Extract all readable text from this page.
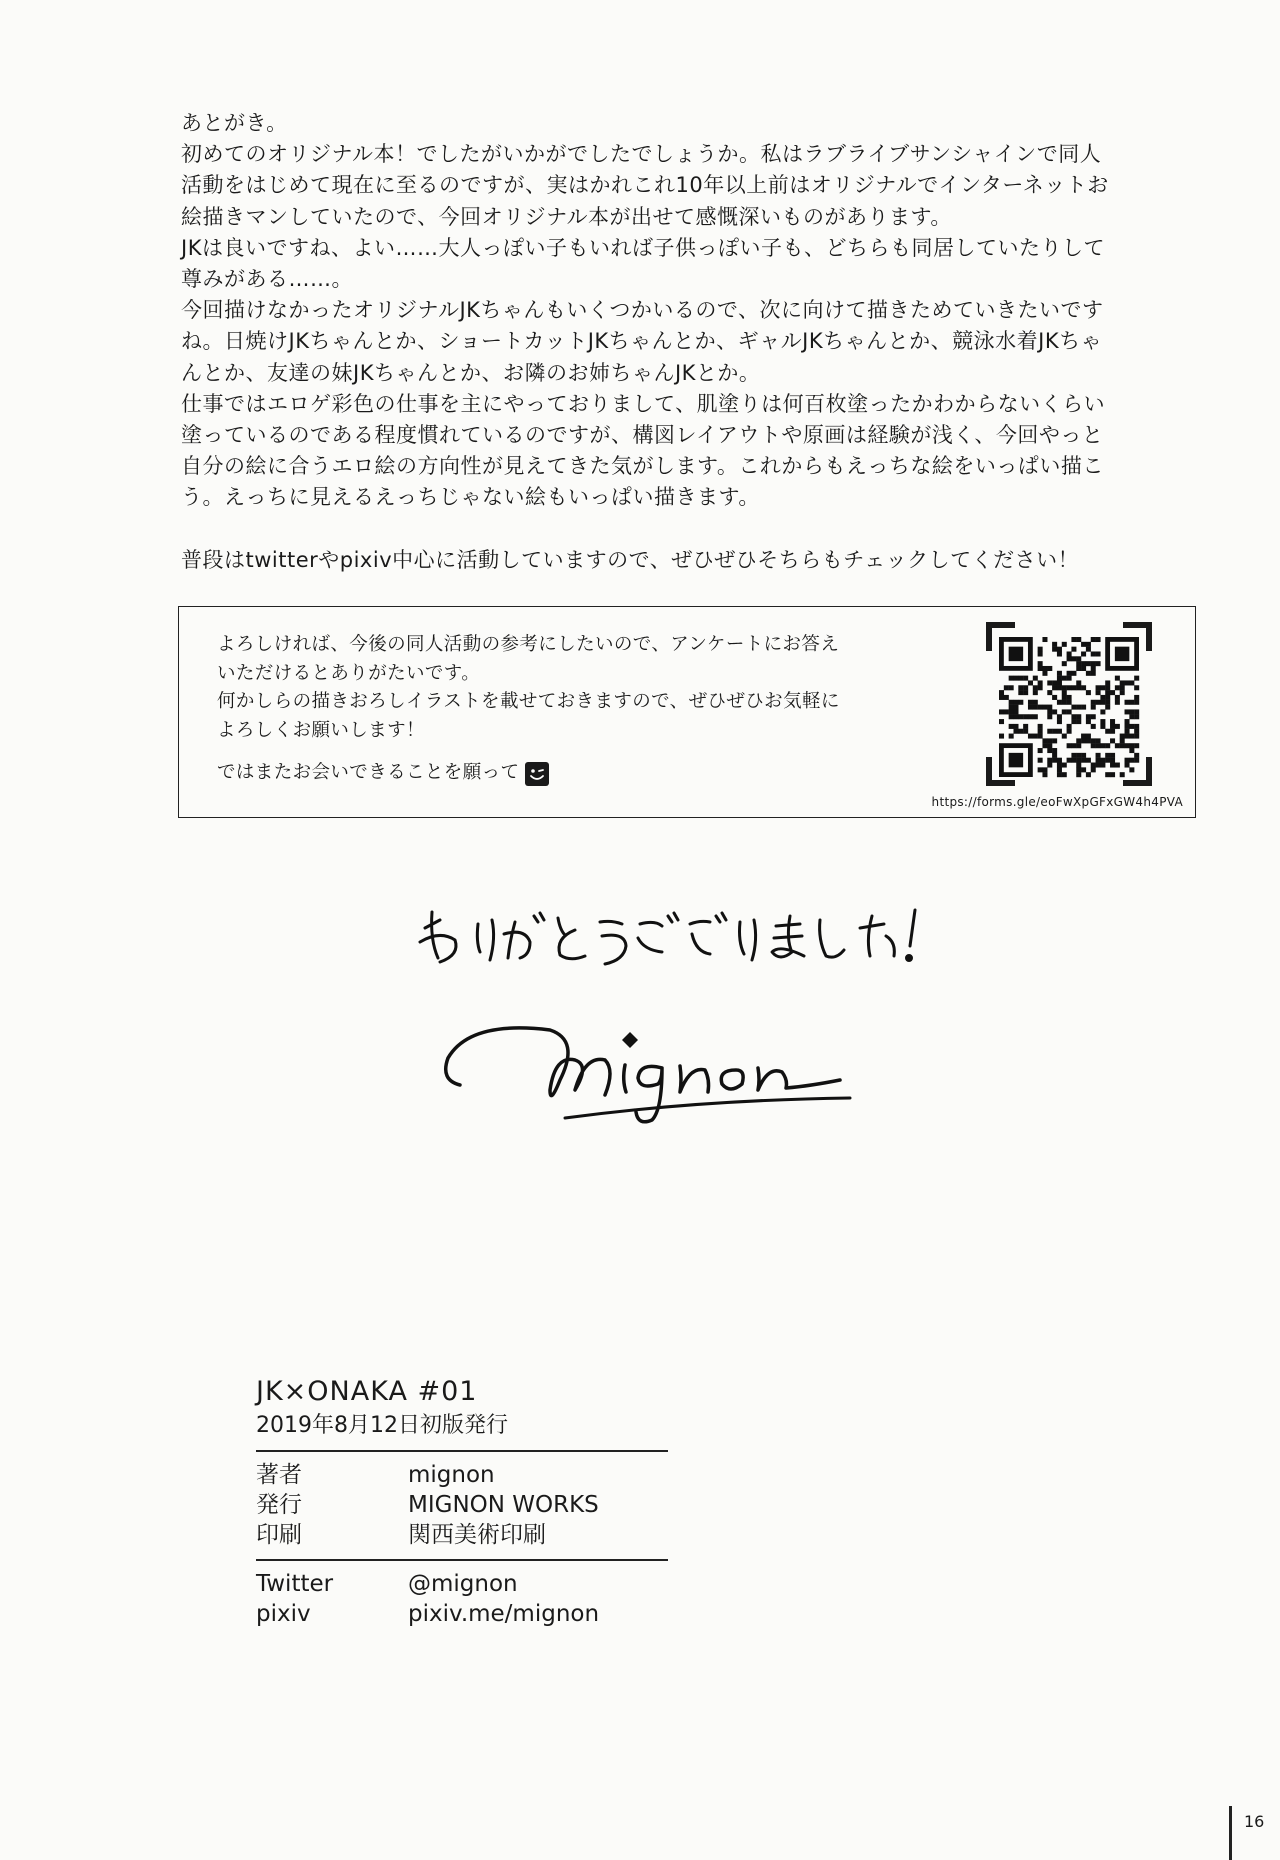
あとがき。

初めてのオリジナル本！でしたがいかがでしたでしょうか。私はラブライブサンシャインで同人

活動をはじめて現在に至るのですが、実はかれこれ10年以上前はオリジナルでインターネットお

絵描きマンしていたので、今回オリジナル本が出せて感慨深いものがあります。

JKは良いですね、よい……大人っぽい子もいれば子供っぽい子も、どちらも同居していたりして

尊みがある……。

今回描けなかったオリジナルJKちゃんもいくつかいるので、次に向けて描きためていきたいです

ね。日焼けJKちゃんとか、ショートカットJKちゃんとか、ギャルJKちゃんとか、競泳水着JKちゃ

んとか、友達の妹JKちゃんとか、お隣のお姉ちゃんJKとか。

仕事ではエロゲ彩色の仕事を主にやっておりまして、肌塗りは何百枚塗ったかわからないくらい

塗っているのである程度慣れているのですが、構図レイアウトや原画は経験が浅く、今回やっと

自分の絵に合うエロ絵の方向性が見えてきた気がします。これからもえっちな絵をいっぱい描こ

う。えっちに見えるえっちじゃない絵もいっぱい描きます。

普段はtwitterやpixiv中心に活動していますので、ぜひぜひそちらもチェックしてください！

よろしければ、今後の同人活動の参考にしたいので、アンケートにお答え

いただけるとありがたいです。

何かしらの描きおろしイラストを載せておきますので、ぜひぜひお気軽に

よろしくお願いします！

ではまたお会いできることを願って

https://forms.gle/eoFwXpGFxGW4h4PVA

JK×ONAKA #01

2019年8月12日初版発行

著者	mignon
発行	MIGNON WORKS
印刷	関西美術印刷
Twitter	@mignon
pixiv	pixiv.me/mignon
16
